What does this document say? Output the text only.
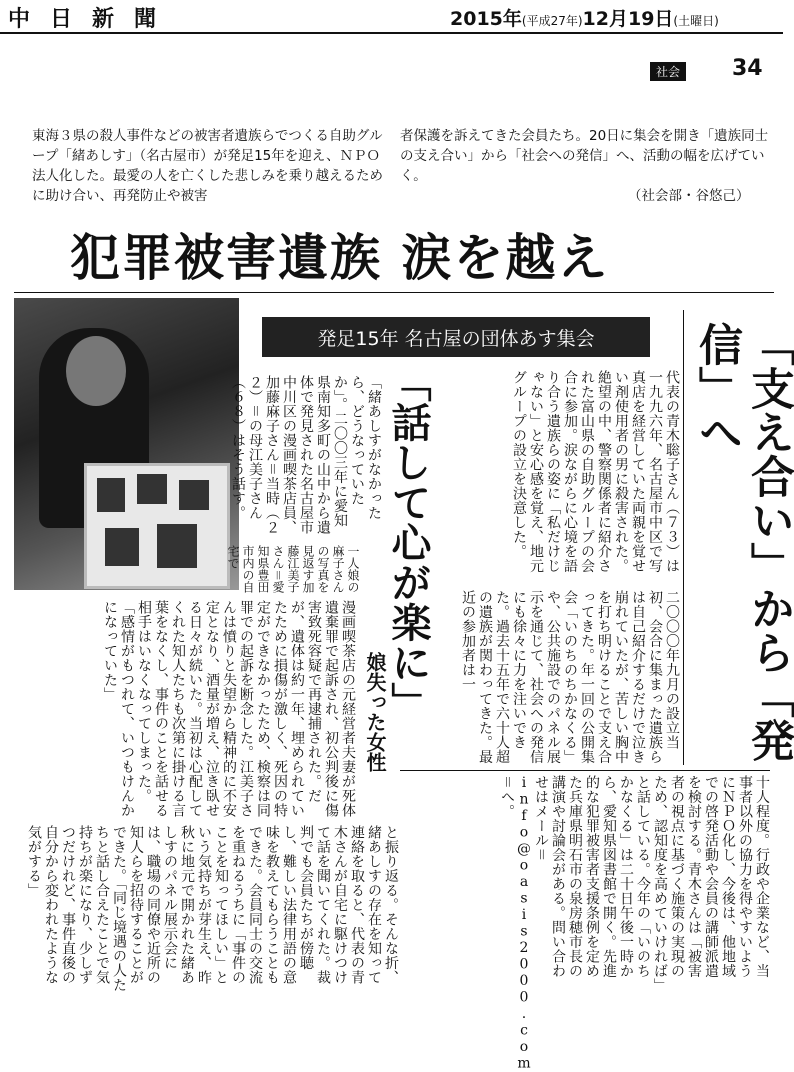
中日新聞	2015年(平成27年)12月19日(土曜日)
社会 34
東海３県の殺人事件などの被害者遺族らでつくる自助グループ「緒あしす」（名古屋市）が発足15年を迎え、ＮＰＯ法人化した。最愛の人を亡くした悲しみを乗り越えるために助け合い、再発防止や被害
者保護を訴えてきた会員たち。20日に集会を開き「遺族同士の支え合い」から「社会への発信」へ、活動の幅を広げていく。
（社会部・谷悠己）
犯罪被害遺族 涙を越え
発足15年 名古屋の団体あす集会	「支え合い」から「発信」へ
代表の青木聡子さん（７３）は一九九六年、名古屋市中区で写真店を経営していた両親を覚せい剤使用者の男に殺害された。絶望の中、警察関係者に紹介された富山県の自助グループの会合に参加。涙ながらに心境を語り合う遺族らの姿に「私だけじゃない」と安心感を覚え、地元グループの設立を決意した。
二〇〇〇年九月の設立当初、会合に集まった遺族らは自己紹介するだけで泣き崩れていたが、苦しい胸中を打ち明けることで支え合ってきた。年一回の公開集会「いのちのちかなくる」や、公共施設でのパネル展示を通じて、社会への発信にも徐々に力を注いできた。過去十五年で六十人超の遺族が関わってきた。最近の参加者は一
十人程度。行政や企業など、当事者以外の協力を得やすいようにＮＰＯ化し、今後は、他地域での啓発活動や会員の講師派遣を検討する。青木さんは「被害者の視点に基づく施策の実現のため、認知度を高めていければ」と話している。今年の「いのちかなくる」は二十日午後一時から、愛知県図書館で開く。先進的な犯罪被害者支援条例を定めた兵庫県明石市の泉房穂市長の講演や討論会がある。問い合わせはメール＝info@oasis2000.com＝へ。
「話して心が楽に」
娘失った女性
「緒あしすがなかったら、どうなっていたか」。二〇〇三年に愛知県南知多町の山中から遺体で発見された名古屋市中川区の漫画喫茶店員、加藤麻子さん＝当時（２２）＝の母江美子さん（６８）はそう話す。
一人娘の麻子さんの写真を見返す加藤江美子さん＝愛知県豊田市内の自宅で
漫画喫茶店の元経営者夫妻が死体遺棄罪で起訴され、初公判後に傷害致死容疑で再逮捕された。だが、遺体は約一年、埋められていたために損傷が激しく、死因の特定ができなかったため、検察は同罪での起訴を断念した。江美子さんは憤りと失望から精神的に不安定となり、酒量が増え、泣き臥せる日々が続いた。当初は心配してくれた知人たちも次第に掛ける言葉をなくし、事件のことを話せる相手はいなくなってしまった。「感情がもつれて、いつもけんかになっていた」
と振り返る。そんな折、緒あしすの存在を知って連絡を取ると、代表の青木さんが自宅に駆けつけて話を聞いてくれた。裁判でも会員たちが傍聴し、難しい法律用語の意味を教えてもらうこともできた。会員同士の交流を重ねるうちに「事件のことを知ってほしい」という気持ちが芽生え、昨秋に地元で開かれた緒あしすのパネル展示会には、職場の同僚や近所の知人らを招待することができた。「同じ境遇の人たちと話し合えたことで気持ちが楽になり、少しずつだけれど、事件直後の自分から変われたような気がする」
